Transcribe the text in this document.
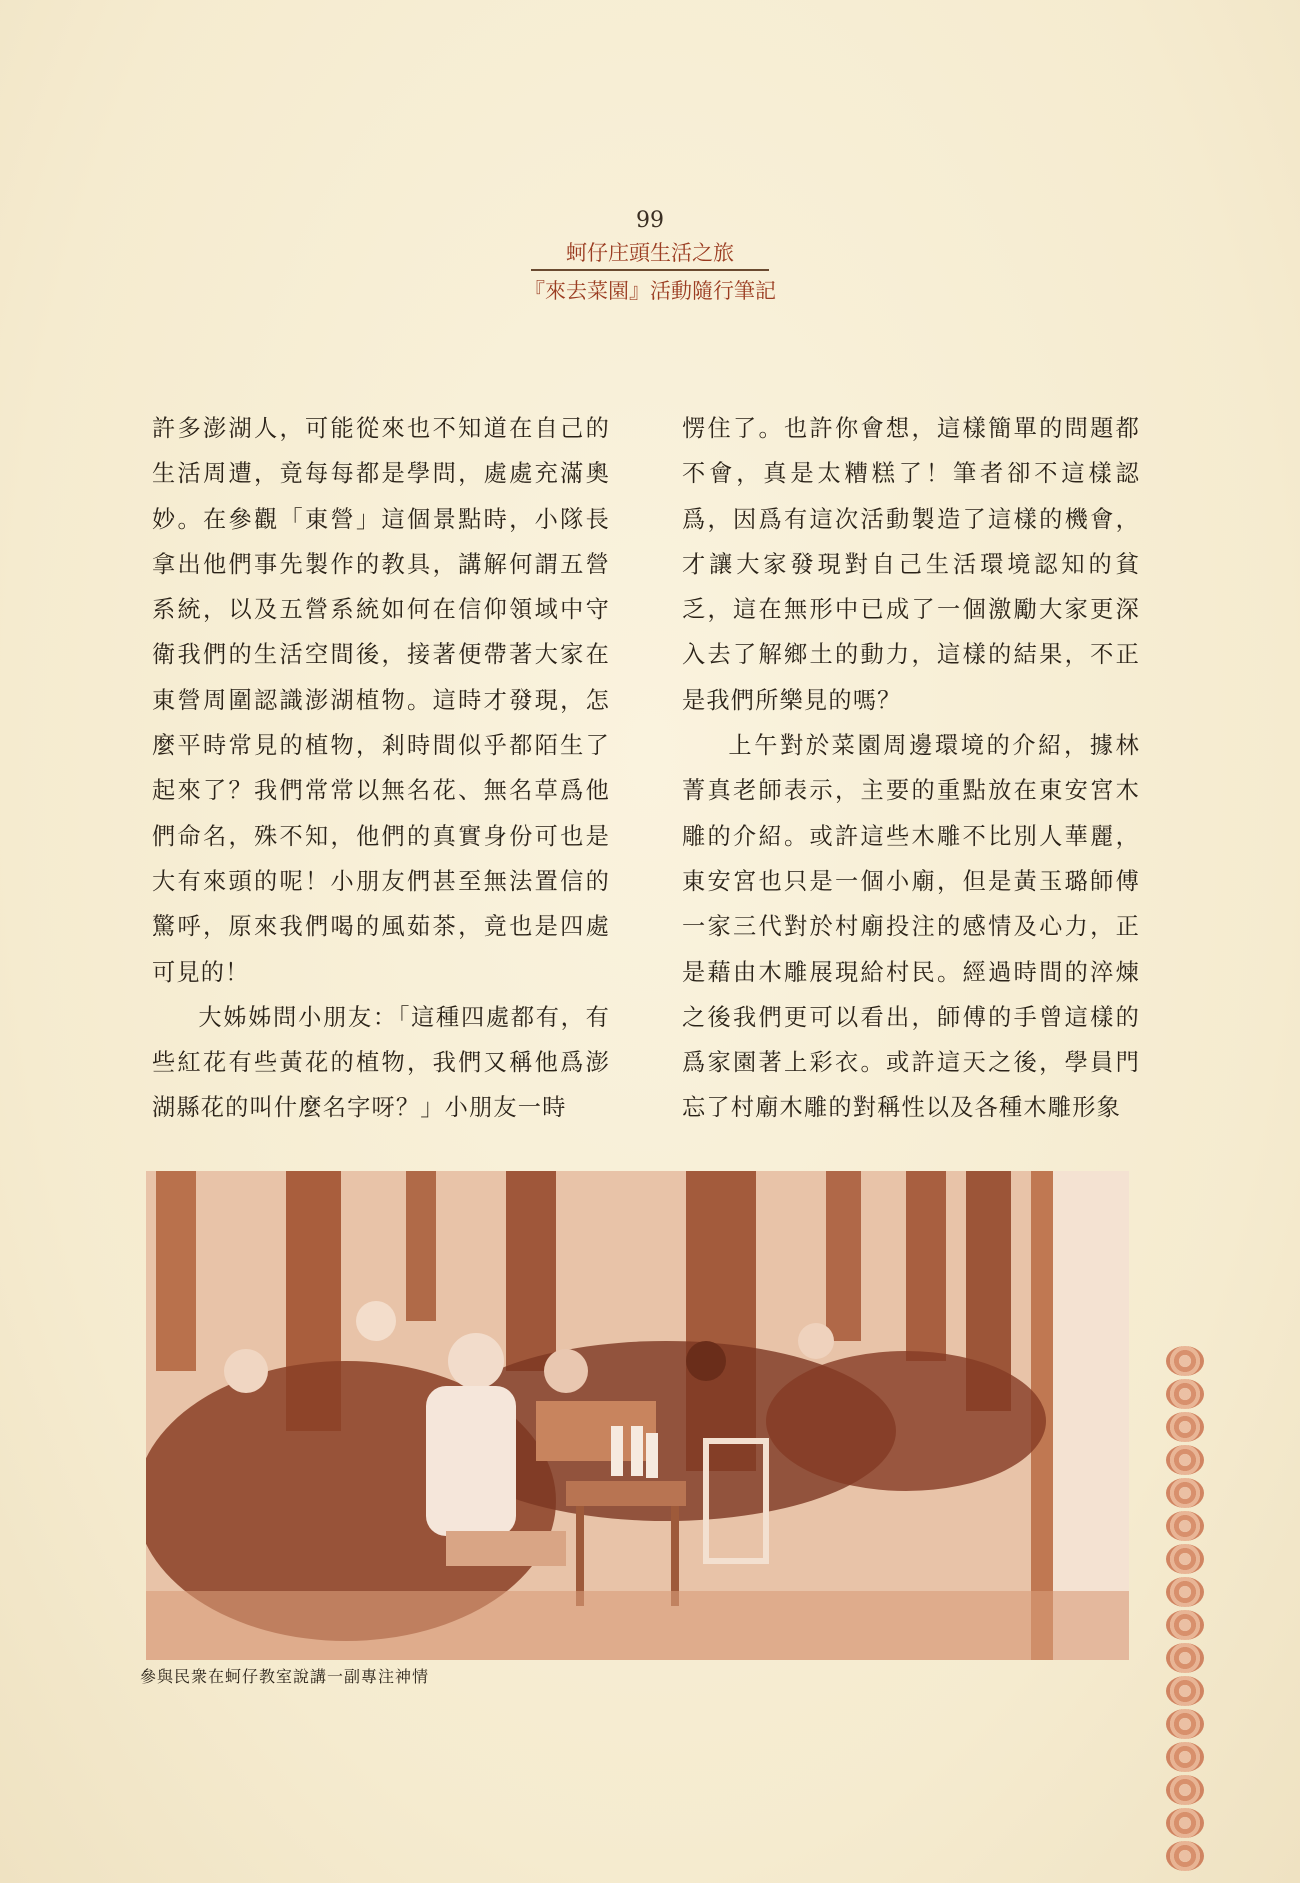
99
蚵仔庄頭生活之旅
『來去菜園』活動隨行筆記

許多澎湖人，可能從來也不知道在自己的生活周遭，竟每每都是學問，處處充滿奧妙。在參觀「東營」這個景點時，小隊長拿出他們事先製作的教具，講解何謂五營系統，以及五營系統如何在信仰領域中守衛我們的生活空間後，接著便帶著大家在東營周圍認識澎湖植物。這時才發現，怎麼平時常見的植物，剎時間似乎都陌生了起來了？我們常常以無名花、無名草爲他們命名，殊不知，他們的真實身份可也是大有來頭的呢！小朋友們甚至無法置信的驚呼，原來我們喝的風茹茶，竟也是四處可見的！

大姊姊問小朋友：「這種四處都有，有些紅花有些黃花的植物，我們又稱他爲澎湖縣花的叫什麼名字呀？」小朋友一時

愣住了。也許你會想，這樣簡單的問題都不會，真是太糟糕了！筆者卻不這樣認爲，因爲有這次活動製造了這樣的機會，才讓大家發現對自己生活環境認知的貧乏，這在無形中已成了一個激勵大家更深入去了解鄉土的動力，這樣的結果，不正是我們所樂見的嗎？

上午對於菜園周邊環境的介紹，據林菁真老師表示，主要的重點放在東安宮木雕的介紹。或許這些木雕不比別人華麗，東安宮也只是一個小廟，但是黃玉璐師傅一家三代對於村廟投注的感情及心力，正是藉由木雕展現給村民。經過時間的淬煉之後我們更可以看出，師傅的手曾這樣的爲家園著上彩衣。或許這天之後，學員門忘了村廟木雕的對稱性以及各種木雕形象

參與民衆在蚵仔教室說講一副專注神情
